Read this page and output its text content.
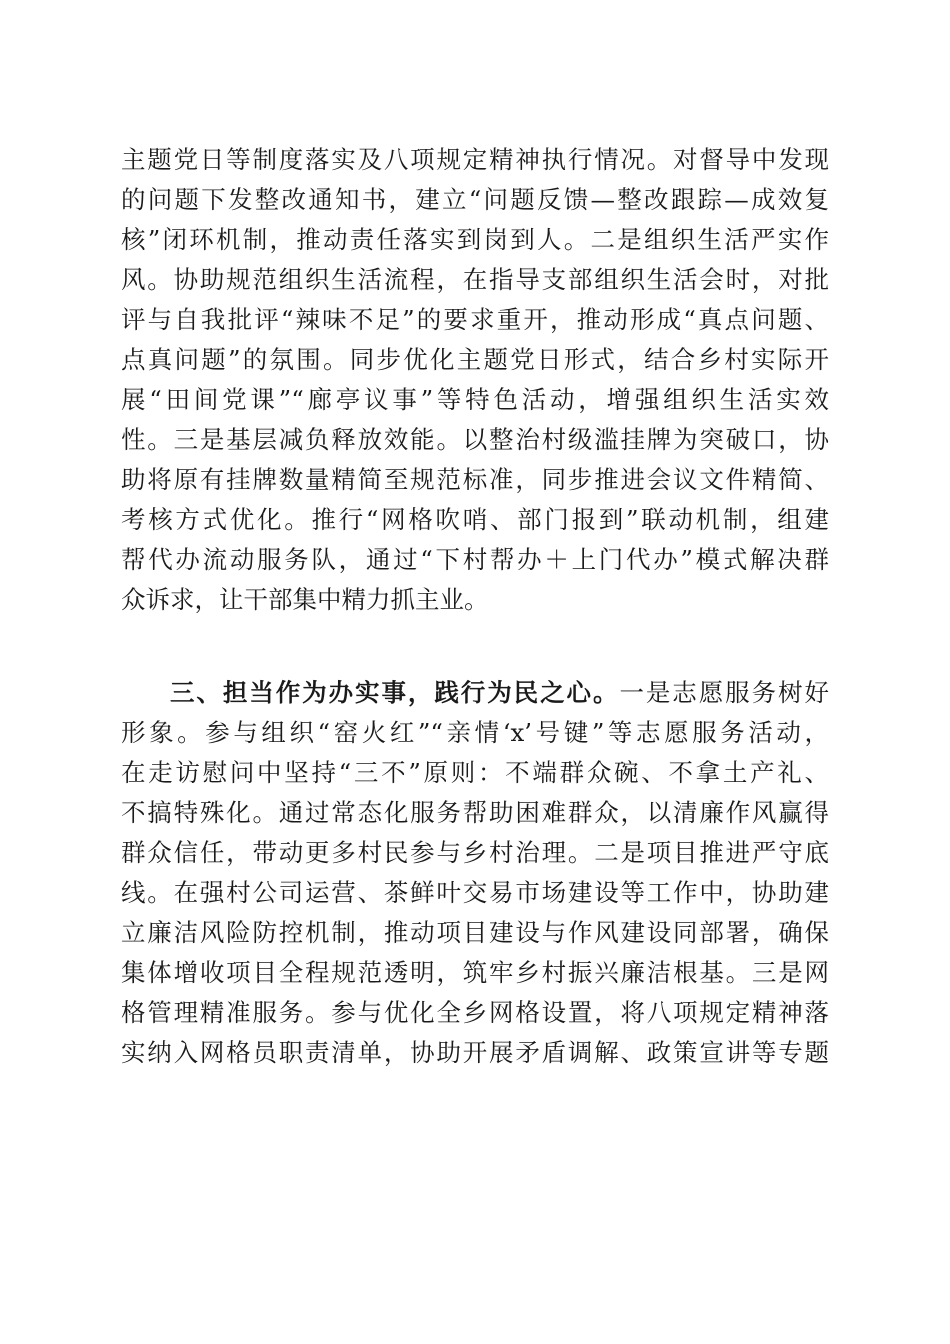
主题党日等制度落实及八项规定精神执行情况。对督导中发现
的问题下发整改通知书，建立“问题反馈—整改跟踪—成效复
核”闭环机制，推动责任落实到岗到人。二是组织生活严实作
风。协助规范组织生活流程，在指导支部组织生活会时，对批
评与自我批评“辣味不足”的要求重开，推动形成“真点问题、
点真问题”的氛围。同步优化主题党日形式，结合乡村实际开
展“田间党课”“廊亭议事”等特色活动，增强组织生活实效
性。三是基层减负释放效能。以整治村级滥挂牌为突破口，协
助将原有挂牌数量精简至规范标准，同步推进会议文件精简、
考核方式优化。推行“网格吹哨、部门报到”联动机制，组建
帮代办流动服务队，通过“下村帮办＋上门代办”模式解决群
众诉求，让干部集中精力抓主业。
三、担当作为办实事，践行为民之心。一是志愿服务树好
形象。参与组织“窑火红”“亲情‘x’号键”等志愿服务活动，
在走访慰问中坚持“三不”原则：不端群众碗、不拿土产礼、
不搞特殊化。通过常态化服务帮助困难群众，以清廉作风赢得
群众信任，带动更多村民参与乡村治理。二是项目推进严守底
线。在强村公司运营、茶鲜叶交易市场建设等工作中，协助建
立廉洁风险防控机制，推动项目建设与作风建设同部署，确保
集体增收项目全程规范透明，筑牢乡村振兴廉洁根基。三是网
格管理精准服务。参与优化全乡网格设置，将八项规定精神落
实纳入网格员职责清单，协助开展矛盾调解、政策宣讲等专题
